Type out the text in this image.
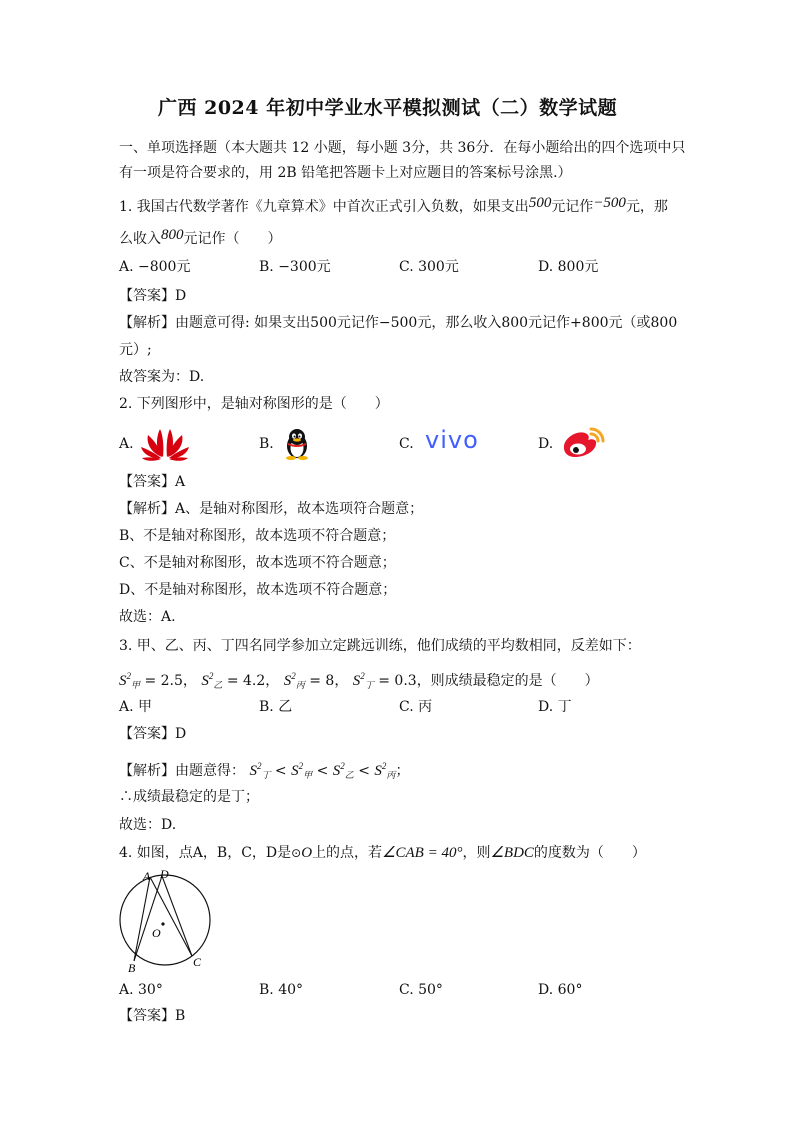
广西 2024 年初中学业水平模拟测试（二）数学试题
一、单项选择题（本大题共 12 小题，每小题 3分，共 36分．在每小题给出的四个选项中只
有一项是符合要求的，用 2B 铅笔把答题卡上对应题目的答案标号涂黑.）
1. 我国古代数学著作《九章算术》中首次正式引入负数，如果支出500元记作−500元，那
么收入800元记作（　　）
A. −800元	B. −300元	C. 300元	D. 800元
【答案】D
【解析】由题意可得: 如果支出500元记作−500元，那么收入800元记作+800元（或800
元）;
故答案为：D.
2. 下列图形中，是轴对称图形的是（　　）
A.	B.	C.	D.
vivo
【答案】A
【解析】A、是轴对称图形，故本选项符合题意；
B、不是轴对称图形，故本选项不符合题意；
C、不是轴对称图形，故本选项不符合题意；
D、不是轴对称图形，故本选项不符合题意；
故选：A.
3. 甲、乙、丙、丁四名同学参加立定跳远训练，他们成绩的平均数相同，反差如下：
$S^2_甲 = 2.5$， $S^2_乙 = 4.2$， $S^2_丙 = 8$， $S^2_丁 = 0.3$，则成绩最稳定的是（　　）
A. 甲	B. 乙	C. 丙	D. 丁
【答案】D
【解析】由题意得： $S^2_丁 < S^2_甲 < S^2_乙 < S^2_丙$；
∴成绩最稳定的是丁；
故选：D.
4. 如图，点A，B，C，D是⊙O上的点，若∠CAB = 40°，则∠BDC的度数为（　　）
A D
O
B	C
A. 30°	B. 40°	C. 50°	D. 60°
【答案】B
